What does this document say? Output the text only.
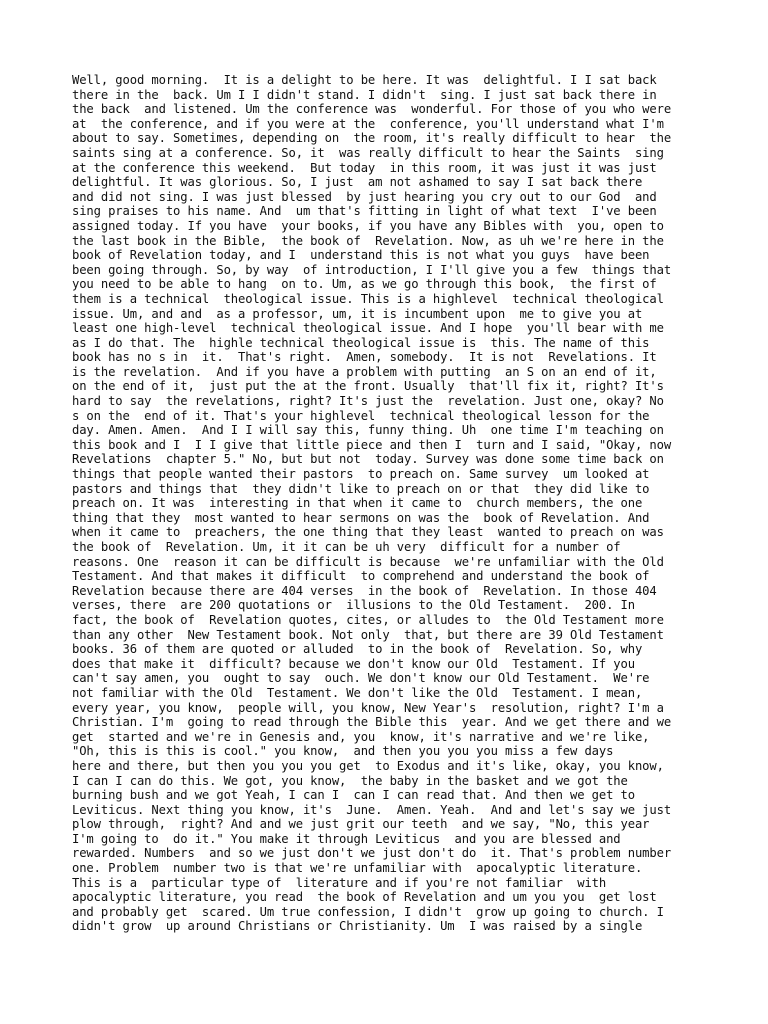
Well, good morning.  It is a delight to be here. It was  delightful. I I sat back
there in the  back. Um I I didn't stand. I didn't  sing. I just sat back there in
the back  and listened. Um the conference was  wonderful. For those of you who were
at  the conference, and if you were at the  conference, you'll understand what I'm
about to say. Sometimes, depending on  the room, it's really difficult to hear  the
saints sing at a conference. So, it  was really difficult to hear the Saints  sing
at the conference this weekend.  But today  in this room, it was just it was just
delightful. It was glorious. So, I just  am not ashamed to say I sat back there
and did not sing. I was just blessed  by just hearing you cry out to our God  and
sing praises to his name. And  um that's fitting in light of what text  I've been
assigned today. If you have  your books, if you have any Bibles with  you, open to
the last book in the Bible,  the book of  Revelation. Now, as uh we're here in the
book of Revelation today, and I  understand this is not what you guys  have been
been going through. So, by way  of introduction, I I'll give you a few  things that
you need to be able to hang  on to. Um, as we go through this book,  the first of
them is a technical  theological issue. This is a highlevel  technical theological
issue. Um, and and  as a professor, um, it is incumbent upon  me to give you at
least one high-level  technical theological issue. And I hope  you'll bear with me
as I do that. The  highle technical theological issue is  this. The name of this
book has no s in  it.  That's right.  Amen, somebody.  It is not  Revelations. It
is the revelation.  And if you have a problem with putting  an S on an end of it,
on the end of it,  just put the at the front. Usually  that'll fix it, right? It's
hard to say  the revelations, right? It's just the  revelation. Just one, okay? No
s on the  end of it. That's your highlevel  technical theological lesson for the
day. Amen. Amen.  And I I will say this, funny thing. Uh  one time I'm teaching on
this book and I  I I give that little piece and then I  turn and I said, "Okay, now
Revelations  chapter 5." No, but but not  today. Survey was done some time back on
things that people wanted their pastors  to preach on. Same survey  um looked at
pastors and things that  they didn't like to preach on or that  they did like to
preach on. It was  interesting in that when it came to  church members, the one
thing that they  most wanted to hear sermons on was the  book of Revelation. And
when it came to  preachers, the one thing that they least  wanted to preach on was
the book of  Revelation. Um, it it can be uh very  difficult for a number of
reasons. One  reason it can be difficult is because  we're unfamiliar with the Old
Testament. And that makes it difficult  to comprehend and understand the book of
Revelation because there are 404 verses  in the book of  Revelation. In those 404
verses, there  are 200 quotations or  illusions to the Old Testament.  200. In
fact, the book of  Revelation quotes, cites, or alludes to  the Old Testament more
than any other  New Testament book. Not only  that, but there are 39 Old Testament
books. 36 of them are quoted or alluded  to in the book of  Revelation. So, why
does that make it  difficult? because we don't know our Old  Testament. If you
can't say amen, you  ought to say  ouch. We don't know our Old Testament.  We're
not familiar with the Old  Testament. We don't like the Old  Testament. I mean,
every year, you know,  people will, you know, New Year's  resolution, right? I'm a
Christian. I'm  going to read through the Bible this  year. And we get there and we
get  started and we're in Genesis and, you  know, it's narrative and we're like,
"Oh, this is this is cool." you know,  and then you you you miss a few days
here and there, but then you you you get  to Exodus and it's like, okay, you know,
I can I can do this. We got, you know,  the baby in the basket and we got the
burning bush and we got Yeah, I can I  can I can read that. And then we get to
Leviticus. Next thing you know, it's  June.  Amen. Yeah.  And and let's say we just
plow through,  right? And and we just grit our teeth  and we say, "No, this year
I'm going to  do it." You make it through Leviticus  and you are blessed and
rewarded. Numbers  and so we just don't we just don't do  it. That's problem number
one. Problem  number two is that we're unfamiliar with  apocalyptic literature.
This is a  particular type of  literature and if you're not familiar  with
apocalyptic literature, you read  the book of Revelation and um you you  get lost
and probably get  scared. Um true confession, I didn't  grow up going to church. I
didn't grow  up around Christians or Christianity. Um  I was raised by a single
